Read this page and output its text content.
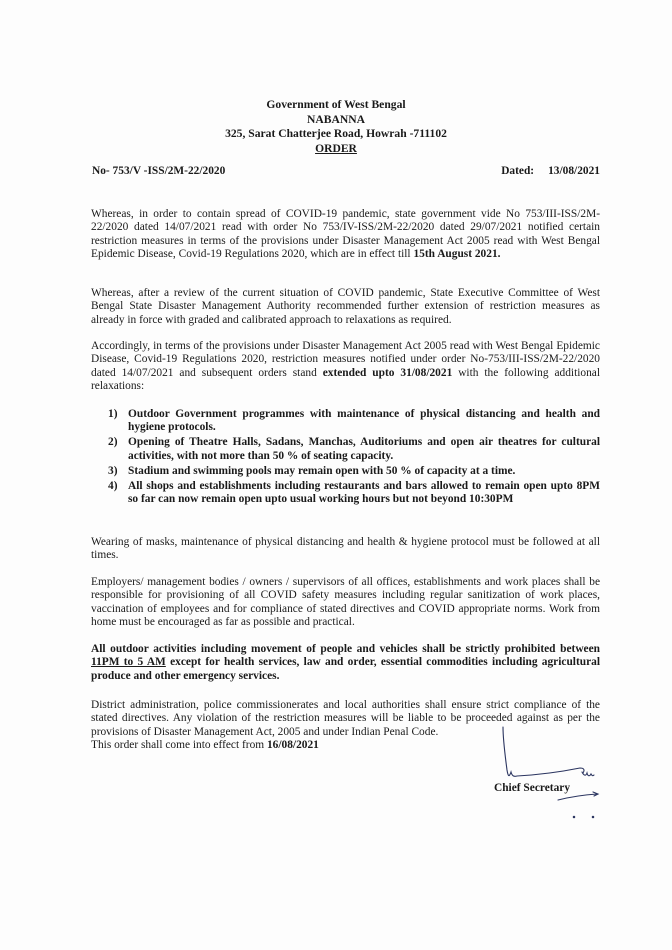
Government of West Bengal
NABANNA
325, Sarat Chatterjee Road, Howrah -711102
ORDER
No- 753/V -ISS/2M-22/2020	Dated: 13/08/2021
Whereas, in order to contain spread of COVID-19 pandemic, state government vide No 753/III-ISS/2M-22/2020 dated 14/07/2021 read with order No 753/IV-ISS/2M-22/2020 dated 29/07/2021 notified certain restriction measures in terms of the provisions under Disaster Management Act 2005 read with West Bengal Epidemic Disease, Covid-19 Regulations 2020, which are in effect till 15th August 2021.
Whereas, after a review of the current situation of COVID pandemic, State Executive Committee of West Bengal State Disaster Management Authority recommended further extension of restriction measures as already in force with graded and calibrated approach to relaxations as required.
Accordingly, in terms of the provisions under Disaster Management Act 2005 read with West Bengal Epidemic Disease, Covid-19 Regulations 2020, restriction measures notified under order No-753/III-ISS/2M-22/2020 dated 14/07/2021 and subsequent orders stand extended upto 31/08/2021 with the following additional relaxations:
1) Outdoor Government programmes with maintenance of physical distancing and health and hygiene protocols.
2) Opening of Theatre Halls, Sadans, Manchas, Auditoriums and open air theatres for cultural activities, with not more than 50 % of seating capacity.
3) Stadium and swimming pools may remain open with 50 % of capacity at a time.
4) All shops and establishments including restaurants and bars allowed to remain open upto 8PM so far can now remain open upto usual working hours but not beyond 10:30PM
Wearing of masks, maintenance of physical distancing and health & hygiene protocol must be followed at all times.
Employers/ management bodies / owners / supervisors of all offices, establishments and work places shall be responsible for provisioning of all COVID safety measures including regular sanitization of work places, vaccination of employees and for compliance of stated directives and COVID appropriate norms. Work from home must be encouraged as far as possible and practical.
All outdoor activities including movement of people and vehicles shall be strictly prohibited between 11PM to 5 AM except for health services, law and order, essential commodities including agricultural produce and other emergency services.
District administration, police commissionerates and local authorities shall ensure strict compliance of the stated directives. Any violation of the restriction measures will be liable to be proceeded against as per the provisions of Disaster Management Act, 2005 and under Indian Penal Code.
This order shall come into effect from 16/08/2021
Chief Secretary
